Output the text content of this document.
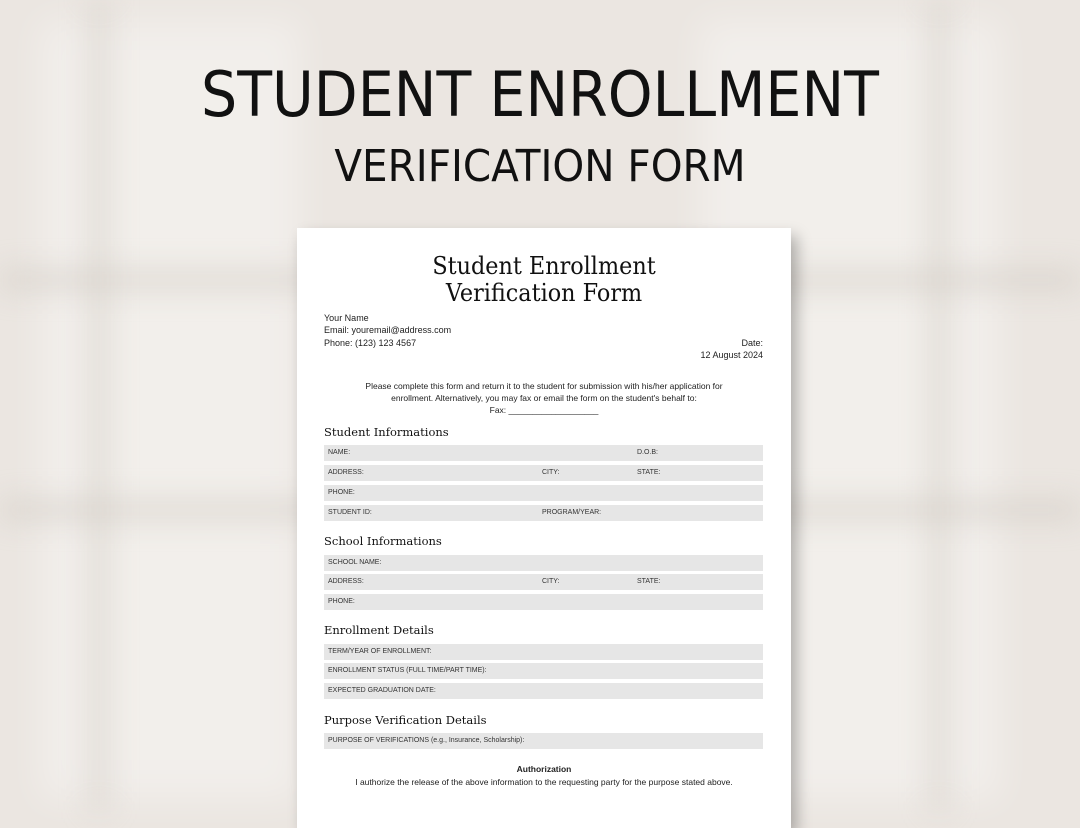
STUDENT ENROLLMENT
VERIFICATION FORM
Student Enrollment
Verification Form
Your Name
Email: youremail@address.com
Phone: (123) 123 4567	Date:
12 August 2024
Please complete this form and return it to the student for submission with his/her application for
enrollment. Alternatively, you may fax or email the form on the student's behalf to:
Fax: ___________________
Student Informations
NAME:	D.O.B:
ADDRESS:	CITY:	STATE:
PHONE:
STUDENT ID:	PROGRAM/YEAR:
School Informations
SCHOOL NAME:
ADDRESS:	CITY:	STATE:
PHONE:
Enrollment Details
TERM/YEAR OF ENROLLMENT:
ENROLLMENT STATUS (FULL TIME/PART TIME):
EXPECTED GRADUATION DATE:
Purpose Verification Details
PURPOSE OF VERIFICATIONS (e.g., Insurance, Scholarship):
Authorization
I authorize the release of the above information to the requesting party for the purpose stated above.
